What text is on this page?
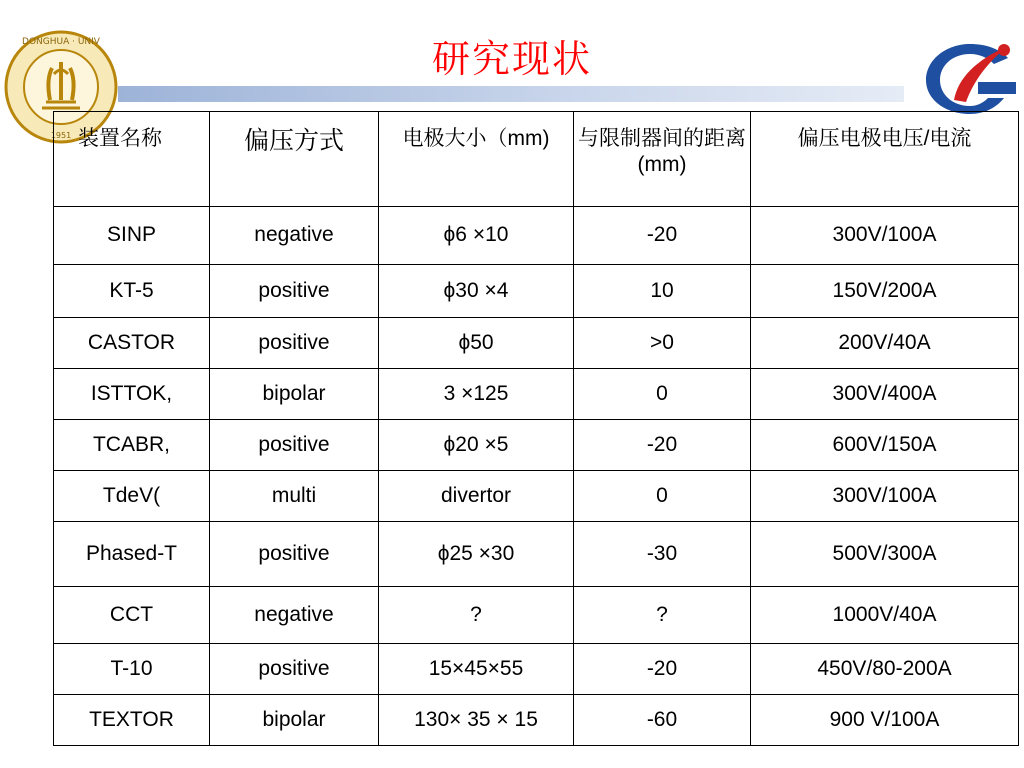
研究现状
DONGHUA · UNIV
1951 装置名称	偏压方式	电极大小（mm)	与限制器间的距离(mm)	偏压电极电压/电流
SINP	negative	ϕ6 ×10	-20	300V/100A
KT-5	positive	ϕ30 ×4	10	150V/200A
CASTOR	positive	ϕ50	>0	200V/40A
ISTTOK,	bipolar	3 ×125	0	300V/400A
TCABR,	positive	ϕ20 ×5	-20	600V/150A
TdeV(	multi	divertor	0	300V/100A
Phased-T	positive	ϕ25 ×30	-30	500V/300A
CCT	negative	?	?	1000V/40A
T-10	positive	15×45×55	-20	450V/80-200A
TEXTOR	bipolar	130× 35 × 15	-60	900 V/100A
